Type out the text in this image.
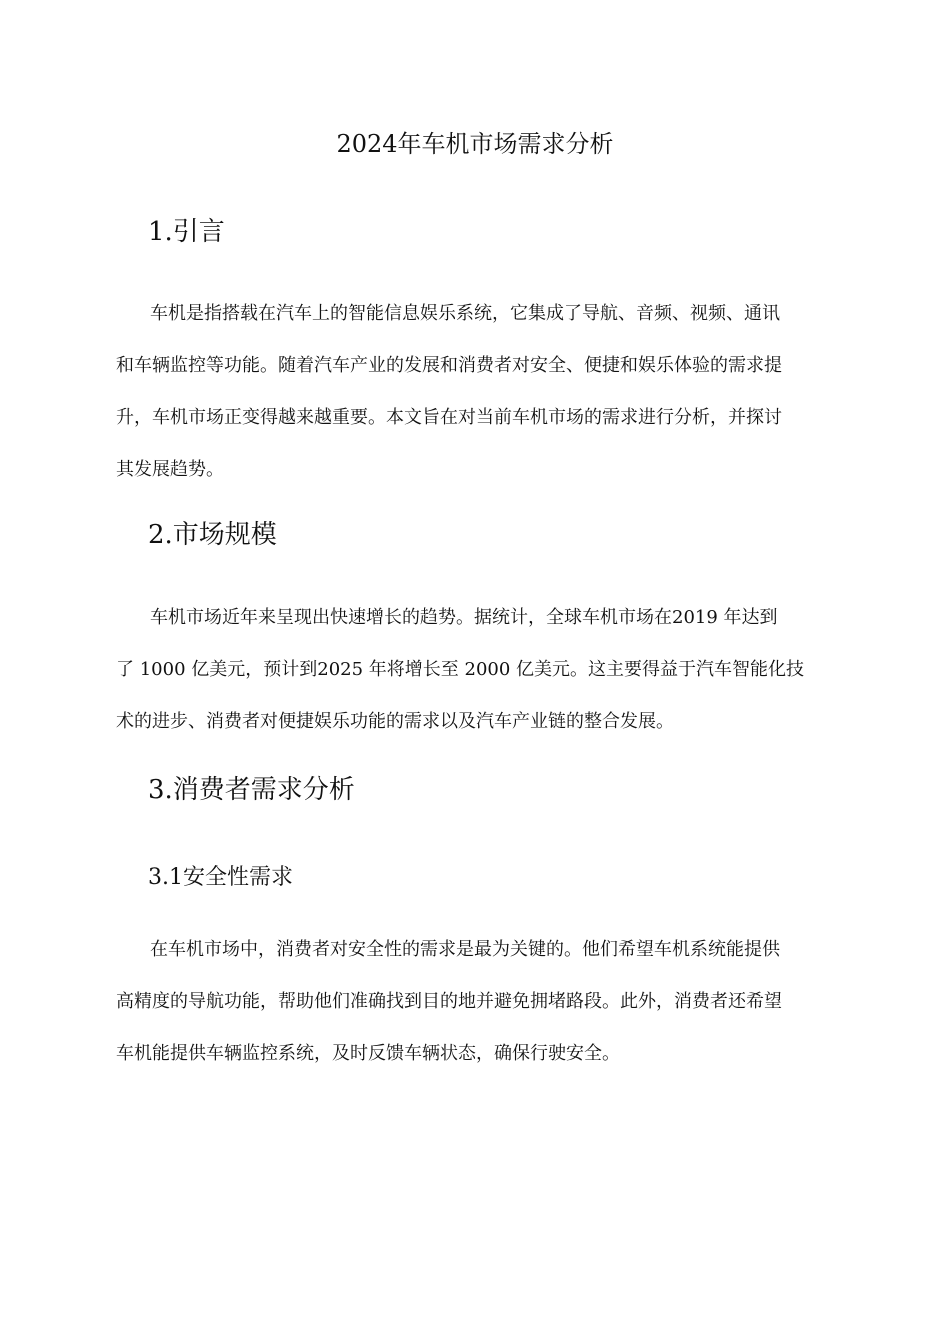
2024年车机市场需求分析
1.引言

车机是指搭载在汽车上的智能信息娱乐系统，它集成了导航、音频、视频、通讯
和车辆监控等功能。随着汽车产业的发展和消费者对安全、便捷和娱乐体验的需求提
升，车机市场正变得越来越重要。本文旨在对当前车机市场的需求进行分析，并探讨
其发展趋势。

2.市场规模

车机市场近年来呈现出快速增长的趋势。据统计，全球车机市场在2019 年达到
了 1000 亿美元，预计到2025 年将增长至 2000 亿美元。这主要得益于汽车智能化技
术的进步、消费者对便捷娱乐功能的需求以及汽车产业链的整合发展。

3.消费者需求分析
3.1安全性需求

在车机市场中，消费者对安全性的需求是最为关键的。他们希望车机系统能提供
高精度的导航功能，帮助他们准确找到目的地并避免拥堵路段。此外，消费者还希望
车机能提供车辆监控系统，及时反馈车辆状态，确保行驶安全。
